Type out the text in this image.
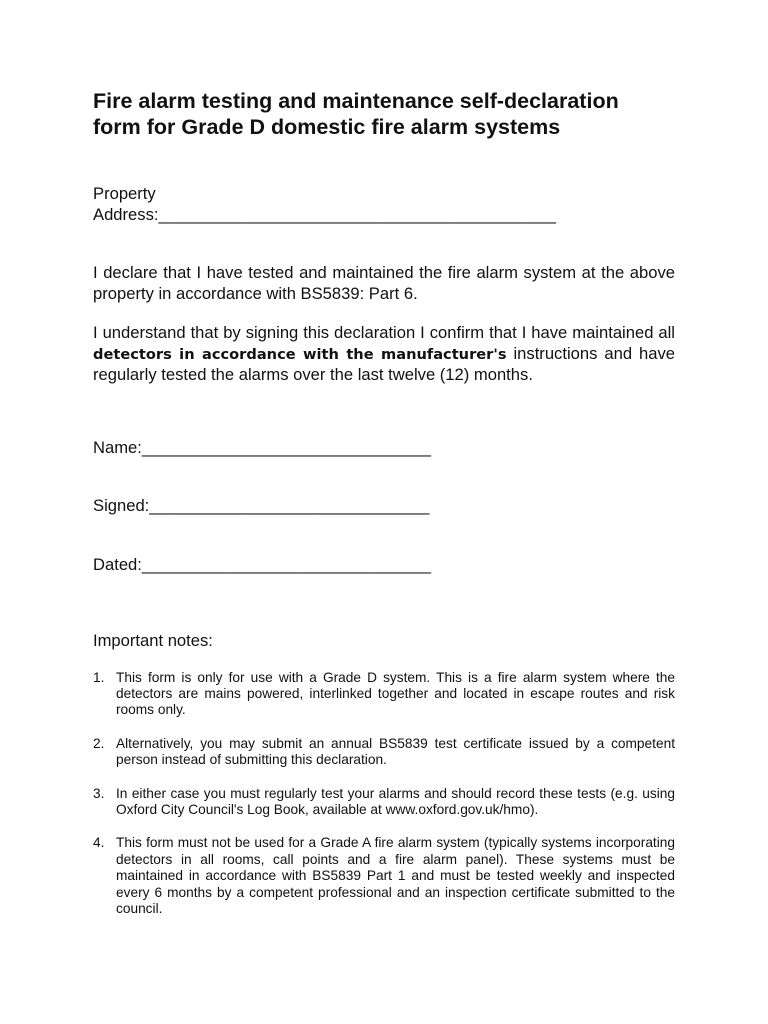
Fire alarm testing and maintenance self-declaration
form for Grade D domestic fire alarm systems
Property
Address:____________________________________________

I declare that I have tested and maintained the fire alarm system at the above property in accordance with BS5839: Part 6.

I understand that by signing this declaration I confirm that I have maintained all detectors in accordance with the manufacturer's instructions and have regularly tested the alarms over the last twelve (12) months.

Name:________________________________
Signed:_______________________________
Dated:________________________________
Important notes:
1. This form is only for use with a Grade D system. This is a fire alarm system where the detectors are mains powered, interlinked together and located in escape routes and risk rooms only.
2. Alternatively, you may submit an annual BS5839 test certificate issued by a competent person instead of submitting this declaration.
3. In either case you must regularly test your alarms and should record these tests (e.g. using Oxford City Council's Log Book, available at www.oxford.gov.uk/hmo).
4. This form must not be used for a Grade A fire alarm system (typically systems incorporating detectors in all rooms, call points and a fire alarm panel). These systems must be maintained in accordance with BS5839 Part 1 and must be tested weekly and inspected every 6 months by a competent professional and an inspection certificate submitted to the council.
